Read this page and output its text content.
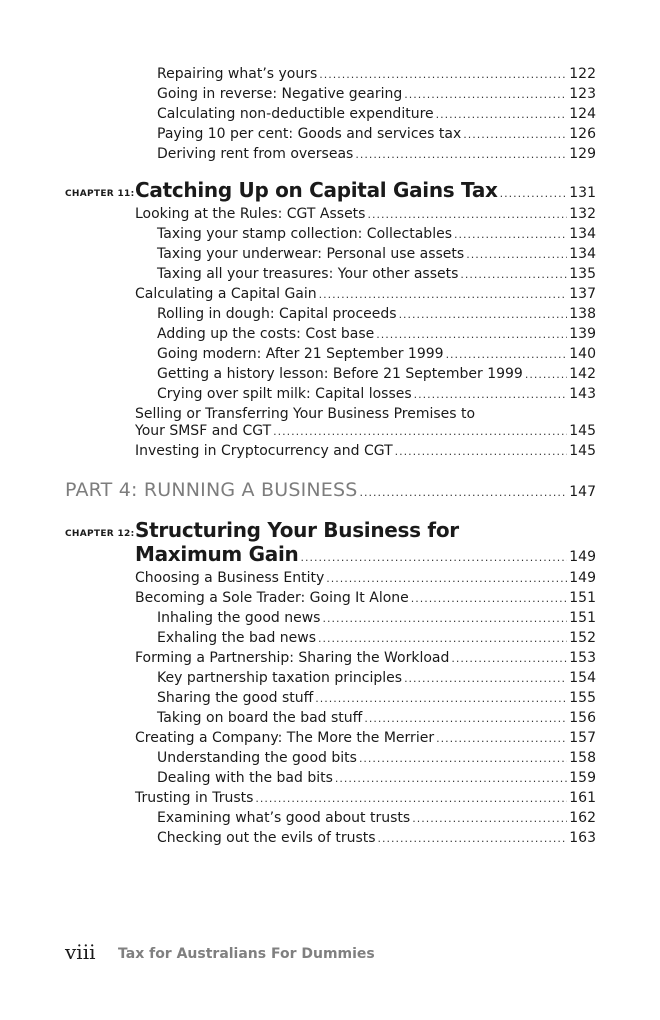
Repairing what’s yours .....	122
Going in reverse: Negative gearing .....	123
Calculating non-deductible expenditure .....	124
Paying 10 per cent: Goods and services tax .....	126
Deriving rent from overseas .....	129
CHAPTER 11: Catching Up on Capital Gains Tax .....	131
Looking at the Rules: CGT Assets .....	132
Taxing your stamp collection: Collectables .....	134
Taxing your underwear: Personal use assets .....	134
Taxing all your treasures: Your other assets .....	135
Calculating a Capital Gain .....	137
Rolling in dough: Capital proceeds .....	138
Adding up the costs: Cost base .....	139
Going modern: After 21 September 1999 .....	140
Getting a history lesson: Before 21 September 1999 .....	142
Crying over spilt milk: Capital losses .....	143
Selling or Transferring Your Business Premises to
Your SMSF and CGT .....	145
Investing in Cryptocurrency and CGT .....	145
PART 4: RUNNING A BUSINESS .....	147
CHAPTER 12: Structuring Your Business for
Maximum Gain .....	149
Choosing a Business Entity .....	149
Becoming a Sole Trader: Going It Alone .....	151
Inhaling the good news .....	151
Exhaling the bad news .....	152
Forming a Partnership: Sharing the Workload .....	153
Key partnership taxation principles .....	154
Sharing the good stuff .....	155
Taking on board the bad stuff .....	156
Creating a Company: The More the Merrier .....	157
Understanding the good bits .....	158
Dealing with the bad bits .....	159
Trusting in Trusts .....	161
Examining what’s good about trusts .....	162
Checking out the evils of trusts .....	163
viii Tax for Australians For Dummies
